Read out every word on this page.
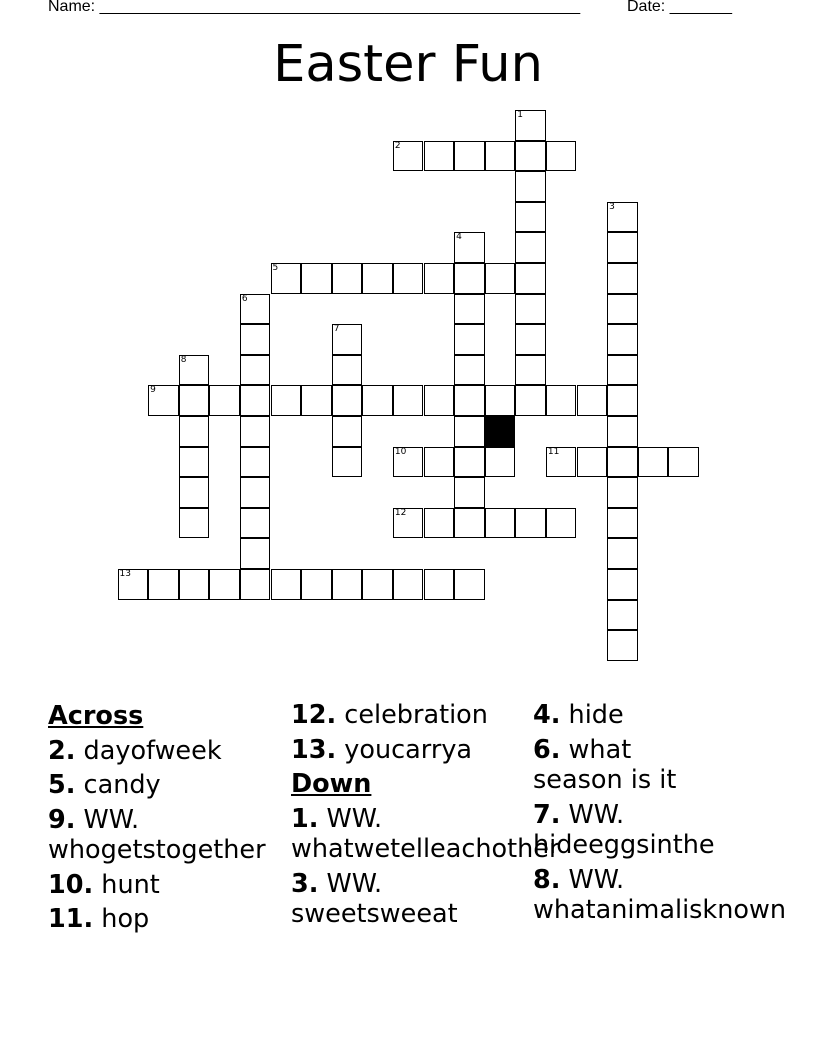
Name: ______________________________________________________	Date: _______
Easter Fun
1
2
3
4
5
6
7
8
9
10	11
12
13
Across
2. dayofweek
5. candy
9. WW.
whogetstogether
10. hunt
11. hop
12. celebration
13. youcarrya
Down
1. WW.
whatwetelleachother
3. WW.
sweetsweeat
4. hide
6. what
season is it
7. WW.
hideeggsinthe
8. WW.
whatanimalisknown
